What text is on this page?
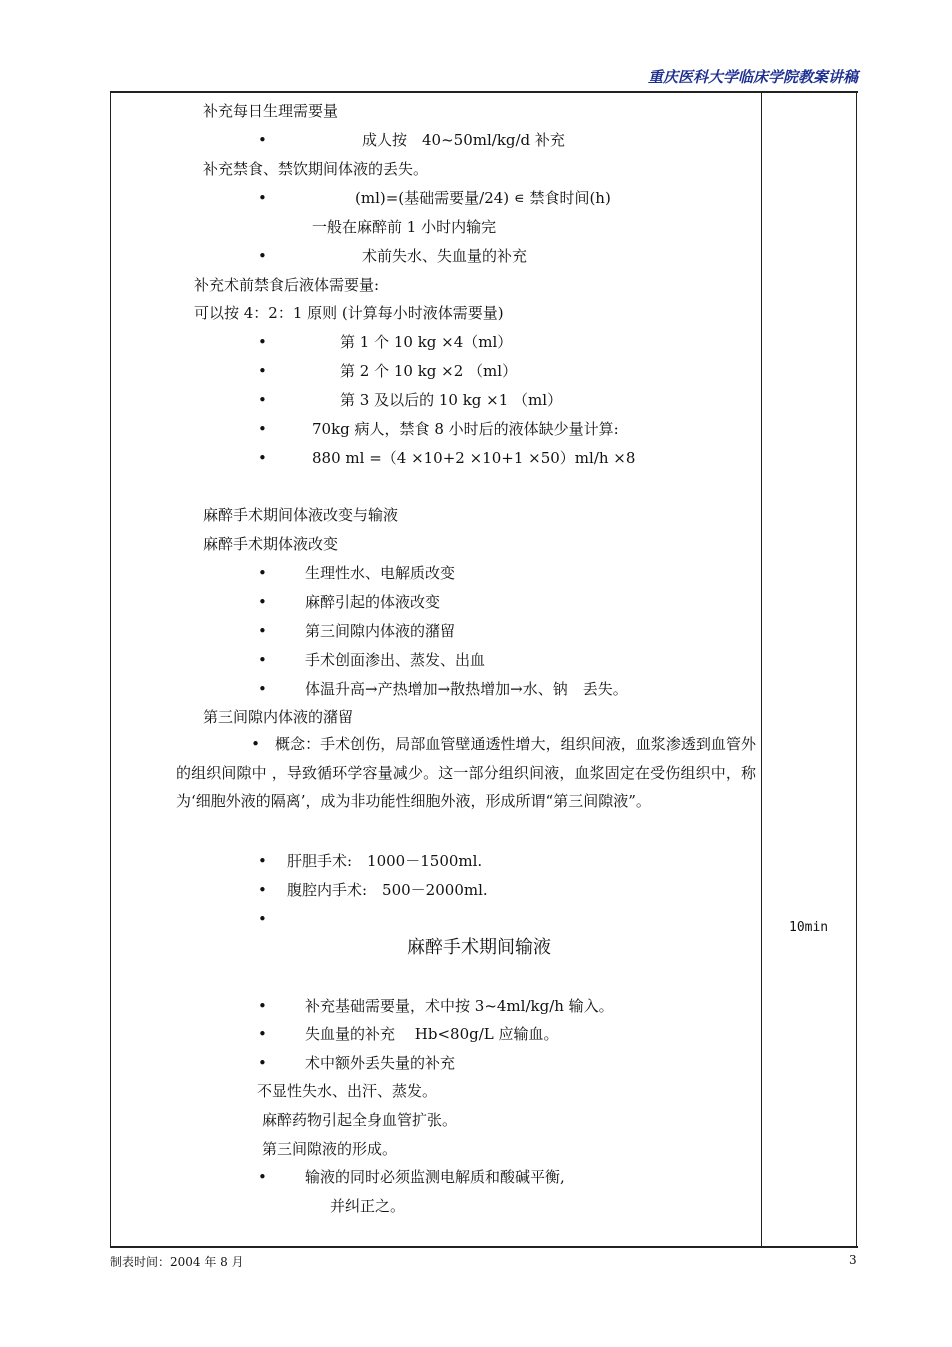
重庆医科大学临床学院教案讲稿
补充每日生理需要量
•	成人按　40~50ml/kg/d 补充
补充禁食、禁饮期间体液的丢失。
•	(ml)=(基础需要量/24) ∊ 禁食时间(h)
一般在麻醉前 1 小时内输完
•	术前失水、失血量的补充
补充术前禁食后液体需要量:
可以按 4：2：1 原则 (计算每小时液体需要量)
•	第 1 个 10 kg ×4（ml）
•	第 2 个 10 kg ×2 （ml）
•	第 3 及以后的 10 kg ×1 （ml）
•	70kg 病人，禁食 8 小时后的液体缺少量计算:
•	880 ml =（4 ×10+2 ×10+1 ×50）ml/h ×8
麻醉手术期间体液改变与输液
麻醉手术期体液改变
•	生理性水、电解质改变
•	麻醉引起的体液改变
•	第三间隙内体液的潴留
•	手术创面渗出、蒸发、出血
•	体温升高→产热增加→散热增加→水、钠　丢失。
第三间隙内体液的潴留
• 肝胆手术:　1000－1500ml.
• 腹腔内手术:　500－2000ml.
•
•	补充基础需要量，术中按 3~4ml/kg/h 输入。
•	失血量的补充　 Hb<80g/L 应输血。
•	术中额外丢失量的补充
不显性失水、出汗、蒸发。
麻醉药物引起全身血管扩张。
第三间隙液的形成。
•	输液的同时必须监测电解质和酸碱平衡,
并纠正之。
　　　　　•　概念：手术创伤，局部血管壁通透性增大，组织间液，血浆渗透到血管外的组织间隙中 ，导致循环学容量减少。这一部分组织间液，血浆固定在受伤组织中，称为‘细胞外液的隔离’，成为非功能性细胞外液，形成所谓“第三间隙液”。
麻醉手术期间输液
10min
制表时间：2004 年 8 月	3
